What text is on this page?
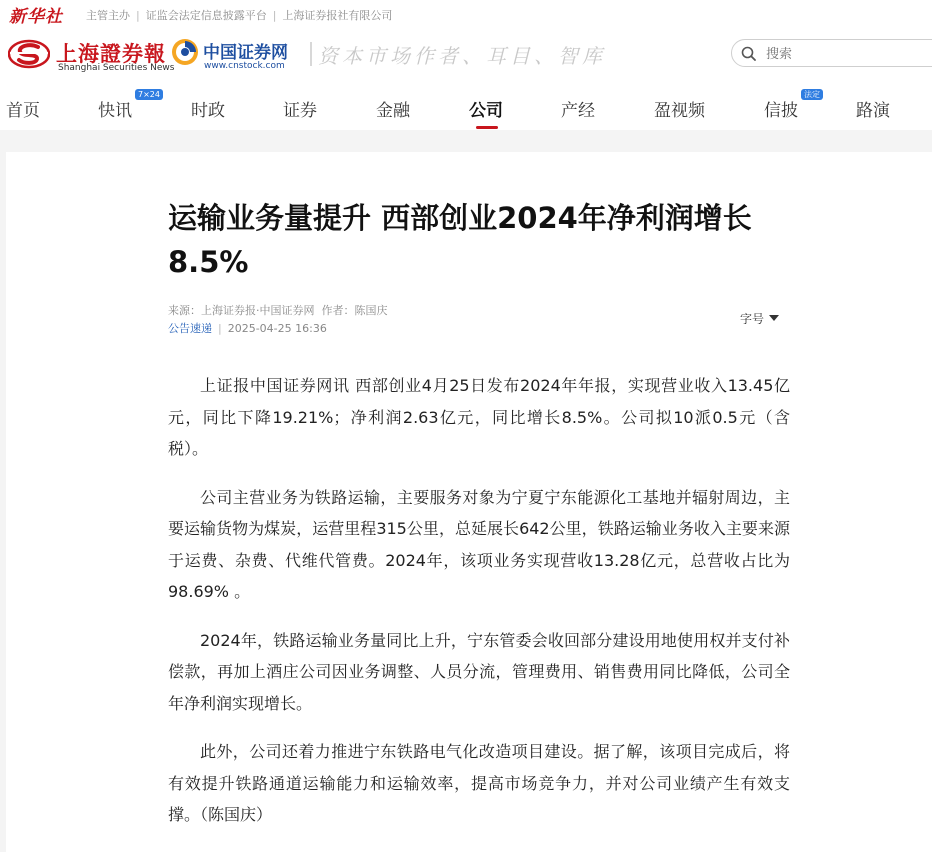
新华社 主管主办 | 证监会法定信息披露平台 | 上海证券报社有限公司
上海證券報
Shanghai Securities News
中国证券网
www.cnstock.com 资本市场作者、耳目、智库
搜索
首页	快讯
7×24
时政	证券	金融	公司	产经	盈视频	信披
法定
路演
运输业务量提升 西部创业2024年净利润增长8.5%
来源：上海证券报·中国证券网 作者：陈国庆
公告速递 | 2025-04-25 16:36
字号

上证报中国证券网讯 西部创业4月25日发布2024年年报，实现营业收入13.45亿元，同比下降19.21%；净利润2.63亿元，同比增长8.5%。公司拟10派0.5元（含税）。

公司主营业务为铁路运输，主要服务对象为宁夏宁东能源化工基地并辐射周边，主要运输货物为煤炭，运营里程315公里，总延展长642公里，铁路运输业务收入主要来源于运费、杂费、代维代管费。2024年，该项业务实现营收13.28亿元，总营收占比为98.69% 。

2024年，铁路运输业务量同比上升，宁东管委会收回部分建设用地使用权并支付补偿款，再加上酒庄公司因业务调整、人员分流，管理费用、销售费用同比降低，公司全年净利润实现增长。

此外，公司还着力推进宁东铁路电气化改造项目建设。据了解，该项目完成后，将有效提升铁路通道运输能力和运输效率，提高市场竞争力，并对公司业绩产生有效支撑。（陈国庆）
